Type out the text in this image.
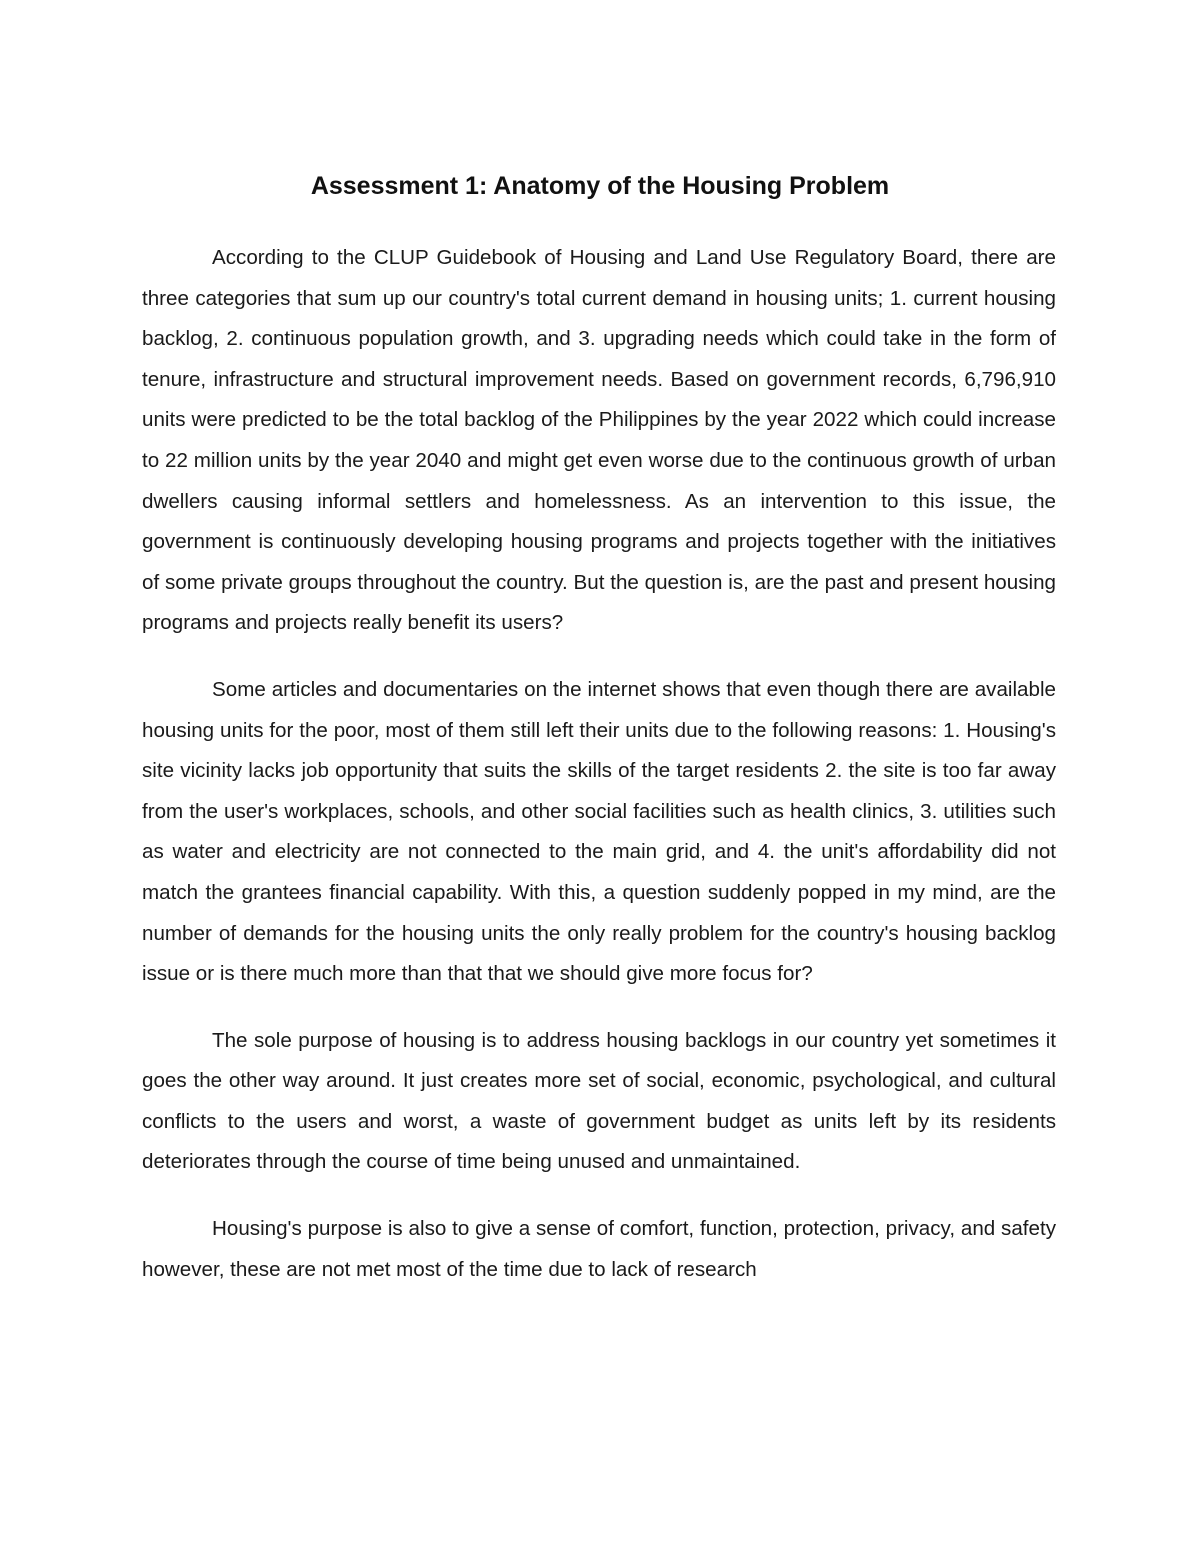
Assessment 1: Anatomy of the Housing Problem

According to the CLUP Guidebook of Housing and Land Use Regulatory Board, there are three categories that sum up our country's total current demand in housing units; 1. current housing backlog, 2. continuous population growth, and 3. upgrading needs which could take in the form of tenure, infrastructure and structural improvement needs. Based on government records, 6,796,910 units were predicted to be the total backlog of the Philippines by the year 2022 which could increase to 22 million units by the year 2040 and might get even worse due to the continuous growth of urban dwellers causing informal settlers and homelessness. As an intervention to this issue, the government is continuously developing housing programs and projects together with the initiatives of some private groups throughout the country. But the question is, are the past and present housing programs and projects really benefit its users?

Some articles and documentaries on the internet shows that even though there are available housing units for the poor, most of them still left their units due to the following reasons: 1. Housing's site vicinity lacks job opportunity that suits the skills of the target residents 2. the site is too far away from the user's workplaces, schools, and other social facilities such as health clinics, 3. utilities such as water and electricity are not connected to the main grid, and 4. the unit's affordability did not match the grantees financial capability. With this, a question suddenly popped in my mind, are the number of demands for the housing units the only really problem for the country's housing backlog issue or is there much more than that that we should give more focus for?

The sole purpose of housing is to address housing backlogs in our country yet sometimes it goes the other way around. It just creates more set of social, economic, psychological, and cultural conflicts to the users and worst, a waste of government budget as units left by its residents deteriorates through the course of time being unused and unmaintained.

Housing's purpose is also to give a sense of comfort, function, protection, privacy, and safety however, these are not met most of the time due to lack of research
